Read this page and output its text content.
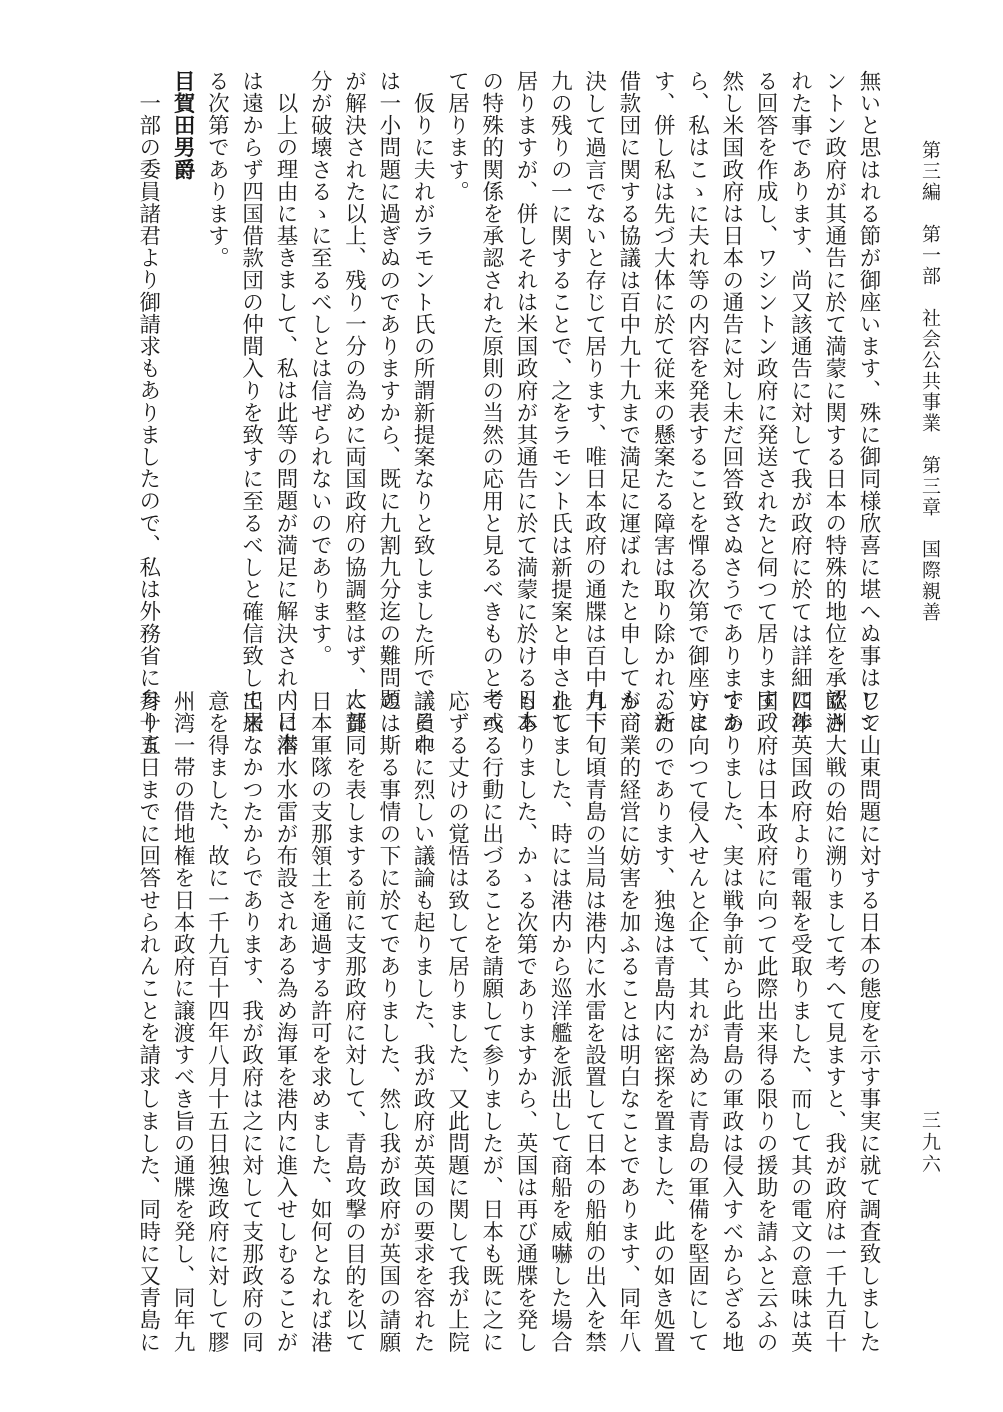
第三編　第一部　社会公共事業　第三章　国際親善
三九六
無いと思はれる節が御座います、殊に御同様欣喜に堪へぬ事はワシ
ントン政府が其通告に於て満蒙に関する日本の特殊的地位を承認さ
れた事であります、尚又該通告に対して我が政府に於ては詳細に渉
る回答を作成し、ワシントン政府に発送されたと伺つて居ります、
然し米国政府は日本の通告に対し未だ回答致さぬさうでありますか
ら、私はこゝに夫れ等の内容を発表することを憚る次第で御座いま
す、併し私は先づ大体に於て従来の懸案たる障害は取り除かれ、新
借款団に関する協議は百中九十九まで満足に運ばれたと申しても、
決して過言でないと存じて居ります、唯日本政府の通牒は百中九十
九の残りの一に関することで、之をラモント氏は新提案と申されて
居りますが、併しそれは米国政府が其通告に於て満蒙に於ける日本
の特殊的関係を承認された原則の当然の応用と見るべきものと考へ
て居ります。
仮りに夫れがラモント氏の所謂新提案なりと致しました所で、それ
は一小問題に過ぎぬのでありますから、既に九割九分迄の難問題
が解決された以上、残り一分の為めに両国政府の協調整はず、大部
分が破壊さるゝに至るべしとは信ぜられないのであります。
以上の理由に基きまして、私は此等の問題が満足に解決され、日本
は遠からず四国借款団の仲間入りを致すに至るべしと確信致して居
る次第であります。
目賀田男爵
一部の委員諸君より御請求もありましたので、私は外務省に参りま
して山東問題に対する日本の態度を示す事実に就て調査致しました
欧洲大戦の始に溯りまして考へて見ますと、我が政府は一千九百十
四年英国政府より電報を受取りました、而して其の電文の意味は英
国政府は日本政府に向つて此際出来得る限りの援助を請ふと云ふの
でありました、実は戦争前から此青島の軍政は侵入すべからざる地
方に向つて侵入せんと企て、其れが為めに青島の軍備を堅固にして
ゐたのであります、独逸は青島内に密探を置ました、此の如き処置
が商業的経営に妨害を加ふることは明白なことであります、同年八
月下旬頃青島の当局は港内に水雷を設置して日本の船舶の出入を禁
止しました、時には港内から巡洋艦を派出して商船を威嚇した場合
もありました、かゝる次第でありますから、英国は再び通牒を発し
て或る行動に出づることを請願して参りましたが、日本も既に之に
応ずる丈けの覚悟は致して居りました、又此問題に関して我が上院
議員中に烈しい議論も起りました、我が政府が英国の要求を容れた
のは斯る事情の下に於てでありました、然し我が政府が英国の請願
に賛同を表しまする前に支那政府に対して、青島攻撃の目的を以て
日本軍隊の支那領土を通過する許可を求めました、如何となれば港
内に潜水水雷が布設されある為め海軍を港内に進入せしむることが
出来なかつたからであります、我が政府は之に対して支那政府の同
意を得ました、故に一千九百十四年八月十五日独逸政府に対して膠
州湾一帯の借地権を日本政府に譲渡すべき旨の通牒を発し、同年九
月十五日までに回答せられんことを請求しました、同時に又青島に
